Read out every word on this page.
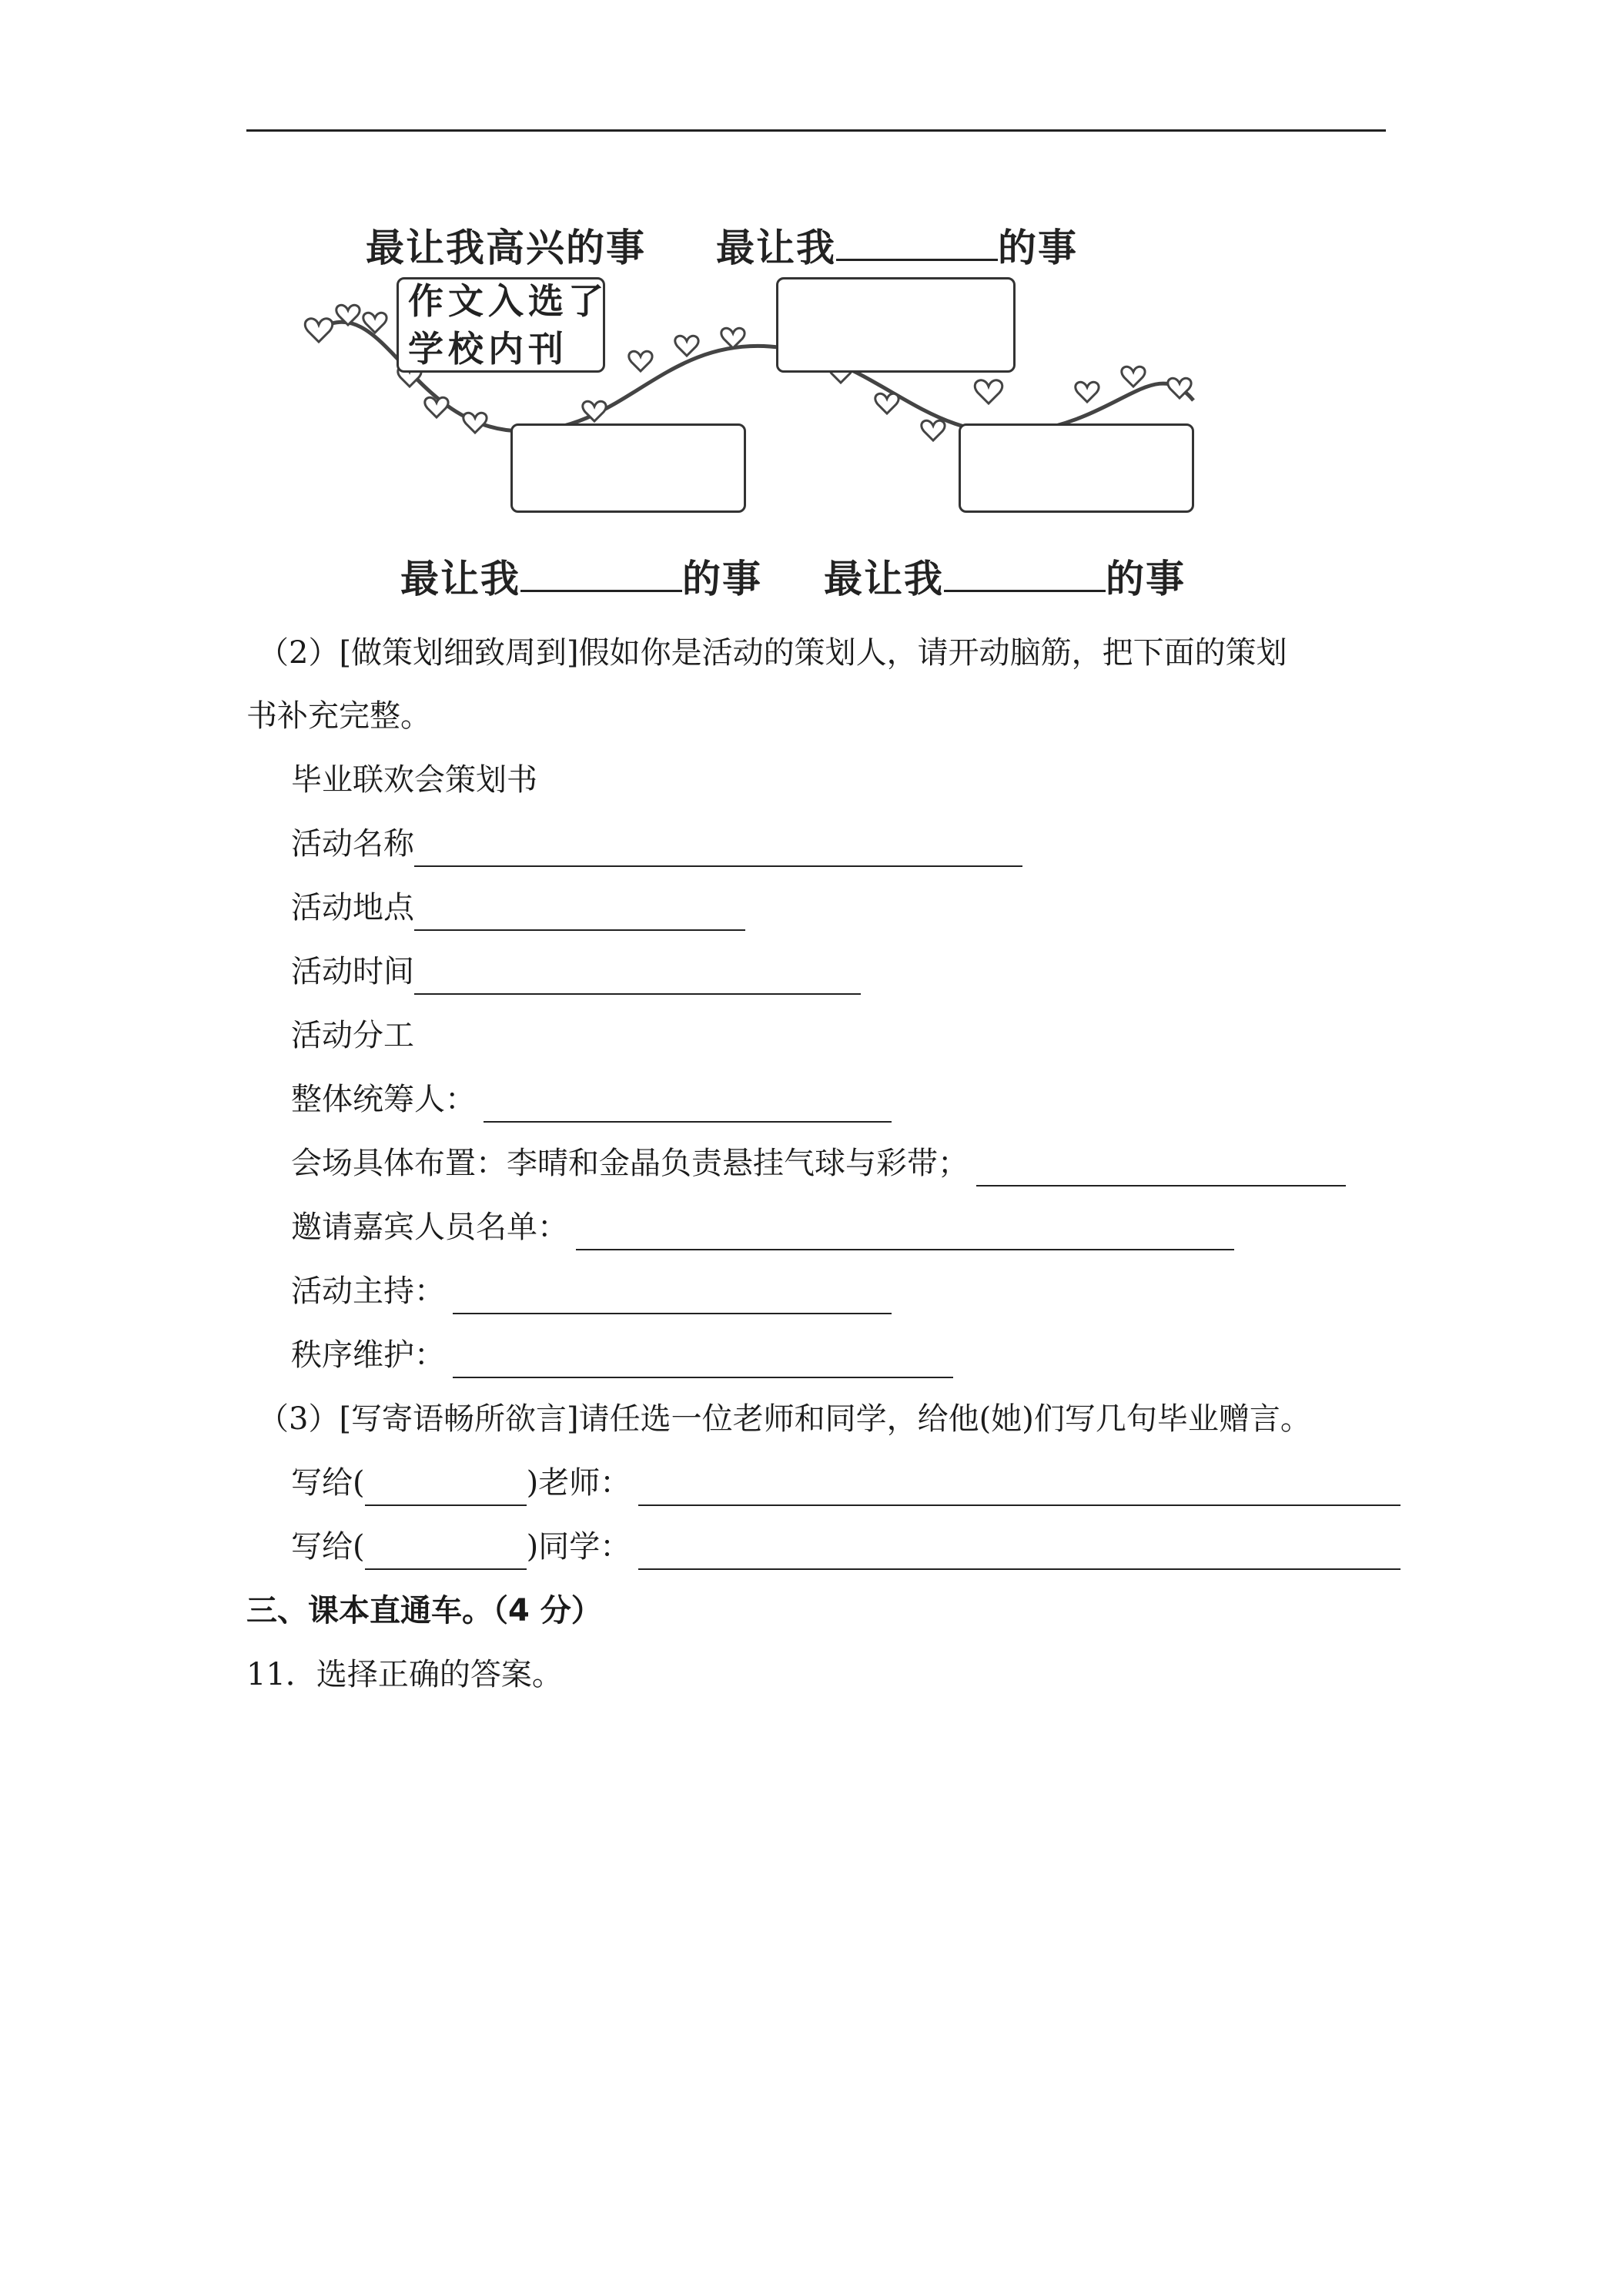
最让我高兴的事 最让我	的事
作文入选了
学校内刊
最让我	的事 最让我	的事
（2）[做策划细致周到]假如你是活动的策划人，请开动脑筋，把下面的策划
书补充完整。
毕业联欢会策划书
活动名称
活动地点
活动时间
活动分工
整体统筹人：
会场具体布置：李晴和金晶负责悬挂气球与彩带；
邀请嘉宾人员名单：
活动主持：
秩序维护：
（3）[写寄语畅所欲言]请任选一位老师和同学，给他(她)们写几句毕业赠言。
写给(	)老师：
写给(	)同学：
三、课本直通车。（4 分）
11．选择正确的答案。
